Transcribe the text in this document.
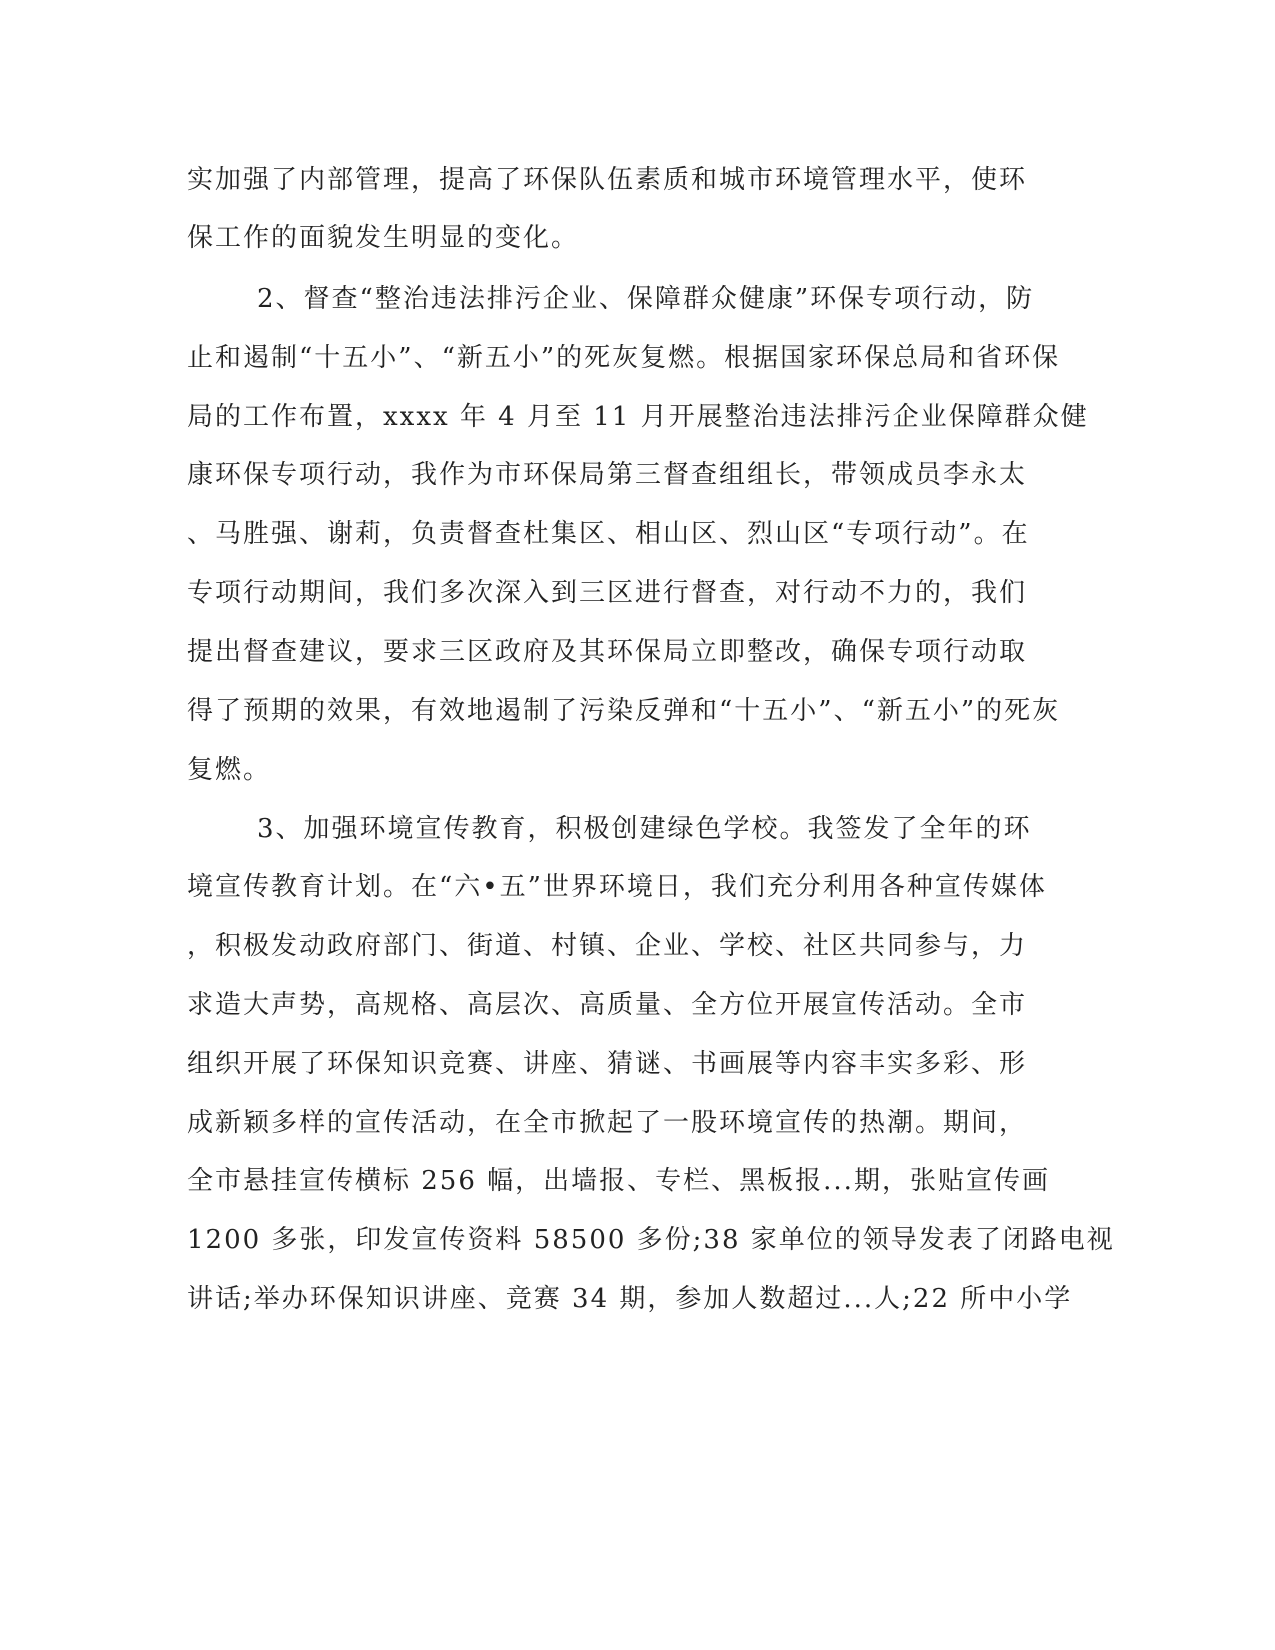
实加强了内部管理，提高了环保队伍素质和城市环境管理水平，使环
保工作的面貌发生明显的变化。
2、督查“整治违法排污企业、保障群众健康”环保专项行动，防
止和遏制“十五小”、“新五小”的死灰复燃。根据国家环保总局和省环保
局的工作布置，xxxx 年 4 月至 11 月开展整治违法排污企业保障群众健
康环保专项行动，我作为市环保局第三督查组组长，带领成员李永太
、马胜强、谢莉，负责督查杜集区、相山区、烈山区“专项行动”。在
专项行动期间，我们多次深入到三区进行督查，对行动不力的，我们
提出督查建议，要求三区政府及其环保局立即整改，确保专项行动取
得了预期的效果，有效地遏制了污染反弹和“十五小”、“新五小”的死灰
复燃。
3、加强环境宣传教育，积极创建绿色学校。我签发了全年的环
境宣传教育计划。在“六•五”世界环境日，我们充分利用各种宣传媒体
，积极发动政府部门、街道、村镇、企业、学校、社区共同参与，力
求造大声势，高规格、高层次、高质量、全方位开展宣传活动。全市
组织开展了环保知识竞赛、讲座、猜谜、书画展等内容丰实多彩、形
成新颖多样的宣传活动，在全市掀起了一股环境宣传的热潮。期间，
全市悬挂宣传横标 256 幅，出墙报、专栏、黑板报...期，张贴宣传画
1200 多张，印发宣传资料 58500 多份;38 家单位的领导发表了闭路电视
讲话;举办环保知识讲座、竞赛 34 期，参加人数超过...人;22 所中小学
